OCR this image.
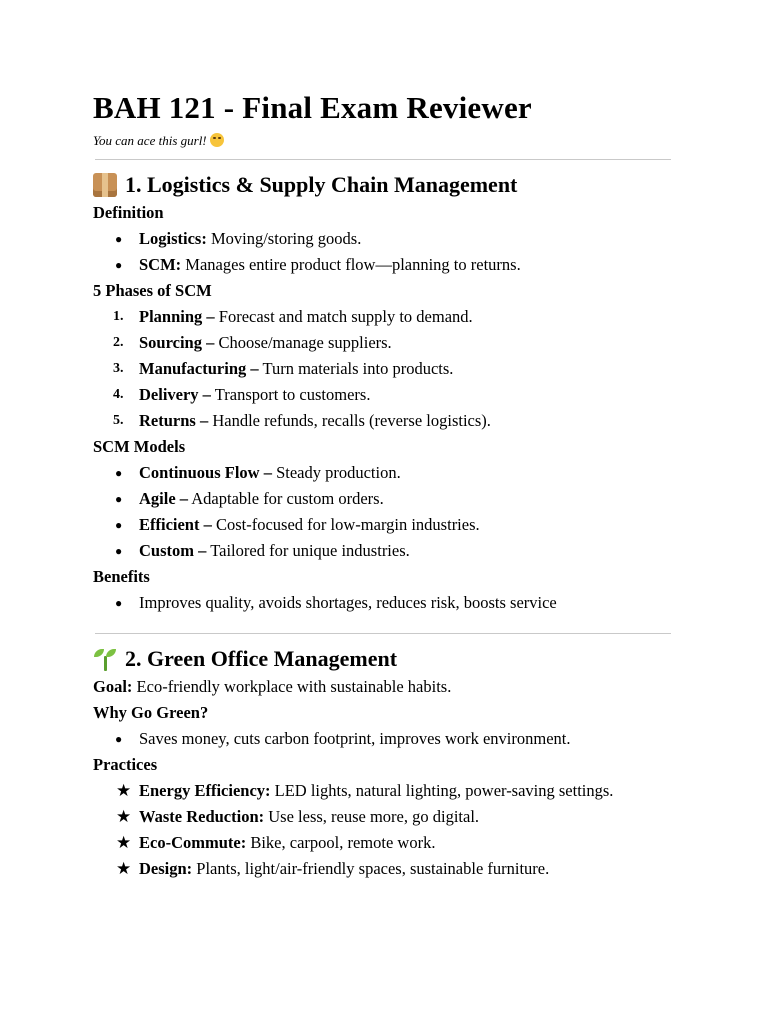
BAH 121 - Final Exam Reviewer
You can ace this gurl!
1. Logistics & Supply Chain Management
Definition
● Logistics: Moving/storing goods.
● SCM: Manages entire product flow—planning to returns.
5 Phases of SCM
1. Planning – Forecast and match supply to demand.
2. Sourcing – Choose/manage suppliers.
3. Manufacturing – Turn materials into products.
4. Delivery – Transport to customers.
5. Returns – Handle refunds, recalls (reverse logistics).
SCM Models
● Continuous Flow – Steady production.
● Agile – Adaptable for custom orders.
● Efficient – Cost-focused for low-margin industries.
● Custom – Tailored for unique industries.
Benefits
● Improves quality, avoids shortages, reduces risk, boosts service
2. Green Office Management
Goal: Eco-friendly workplace with sustainable habits.
Why Go Green?
● Saves money, cuts carbon footprint, improves work environment.
Practices
★ Energy Efficiency: LED lights, natural lighting, power-saving settings.
★ Waste Reduction: Use less, reuse more, go digital.
★ Eco-Commute: Bike, carpool, remote work.
★ Design: Plants, light/air-friendly spaces, sustainable furniture.
